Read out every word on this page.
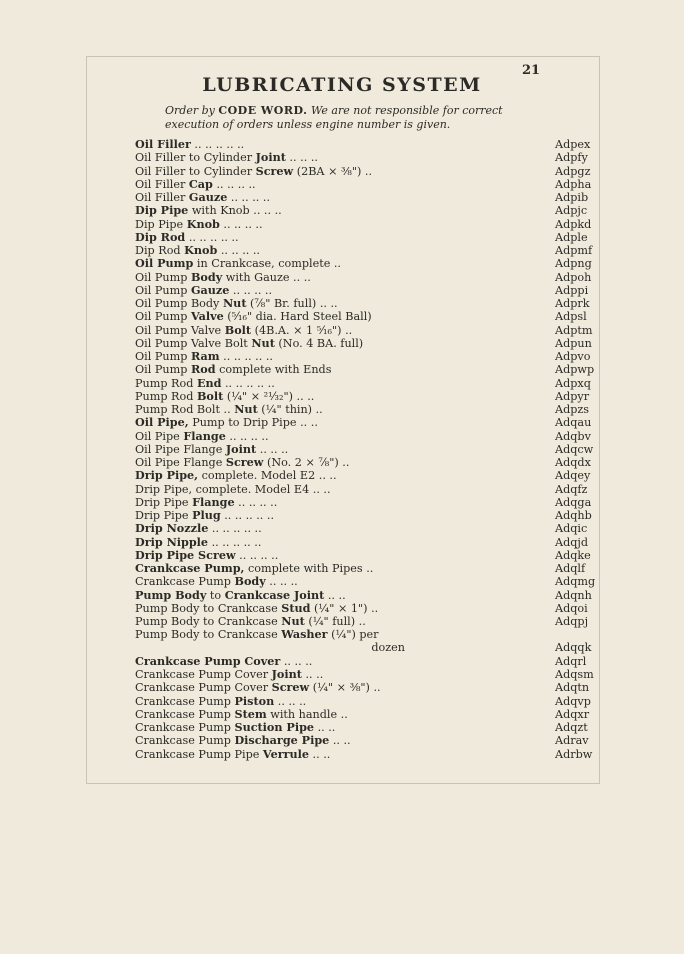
21
LUBRICATING SYSTEM
Order by CODE WORD. We are not responsible for correct execution of orders unless engine number is given.
Oil Filler .. .. .. .. ..	Adpex
Oil Filler to Cylinder Joint .. .. ..	Adpfy
Oil Filler to Cylinder Screw (2BA × ⅜") ..	Adpgz
Oil Filler Cap .. .. .. ..	Adpha
Oil Filler Gauze .. .. .. ..	Adpib
Dip Pipe with Knob .. .. ..	Adpjc
Dip Pipe Knob .. .. .. ..	Adpkd
Dip Rod .. .. .. .. ..	Adple
Dip Rod Knob .. .. .. ..	Adpmf
Oil Pump in Crankcase, complete ..	Adpng
Oil Pump Body with Gauze .. ..	Adpoh
Oil Pump Gauze .. .. .. ..	Adppi
Oil Pump Body Nut (⅞" Br. full) .. ..	Adprk
Oil Pump Valve (⁵⁄₁₆" dia. Hard Steel Ball)	Adpsl
Oil Pump Valve Bolt (4B.A. × 1 ⁵⁄₁₆") ..	Adptm
Oil Pump Valve Bolt Nut (No. 4 BA. full)	Adpun
Oil Pump Ram .. .. .. .. ..	Adpvo
Oil Pump Rod complete with Ends	Adpwp
Pump Rod End .. .. .. .. ..	Adpxq
Pump Rod Bolt (¼" × ²¹⁄₃₂") .. ..	Adpyr
Pump Rod Bolt .. Nut (¼" thin) ..	Adpzs
Oil Pipe, Pump to Drip Pipe .. ..	Adqau
Oil Pipe Flange .. .. .. ..	Adqbv
Oil Pipe Flange Joint .. .. ..	Adqcw
Oil Pipe Flange Screw (No. 2 × ⅞") ..	Adqdx
Drip Pipe, complete. Model E2 .. ..	Adqey
Drip Pipe, complete. Model E4 .. ..	Adqfz
Drip Pipe Flange .. .. .. ..	Adqga
Drip Pipe Plug .. .. .. .. ..	Adqhb
Drip Nozzle .. .. .. .. ..	Adqic
Drip Nipple .. .. .. .. ..	Adqjd
Drip Pipe Screw .. .. .. ..	Adqke
Crankcase Pump, complete with Pipes ..	Adqlf
Crankcase Pump Body .. .. ..	Adqmg
Pump Body to Crankcase Joint .. ..	Adqnh
Pump Body to Crankcase Stud (¼" × 1") ..	Adqoi
Pump Body to Crankcase Nut (¼" full) ..	Adqpj
Pump Body to Crankcase Washer (¼") per
dozen	Adqqk
Crankcase Pump Cover .. .. ..	Adqrl
Crankcase Pump Cover Joint .. ..	Adqsm
Crankcase Pump Cover Screw (¼" × ⅜") ..	Adqtn
Crankcase Pump Piston .. .. ..	Adqvp
Crankcase Pump Stem with handle ..	Adqxr
Crankcase Pump Suction Pipe .. ..	Adqzt
Crankcase Pump Discharge Pipe .. ..	Adrav
Crankcase Pump Pipe Verrule .. ..	Adrbw
